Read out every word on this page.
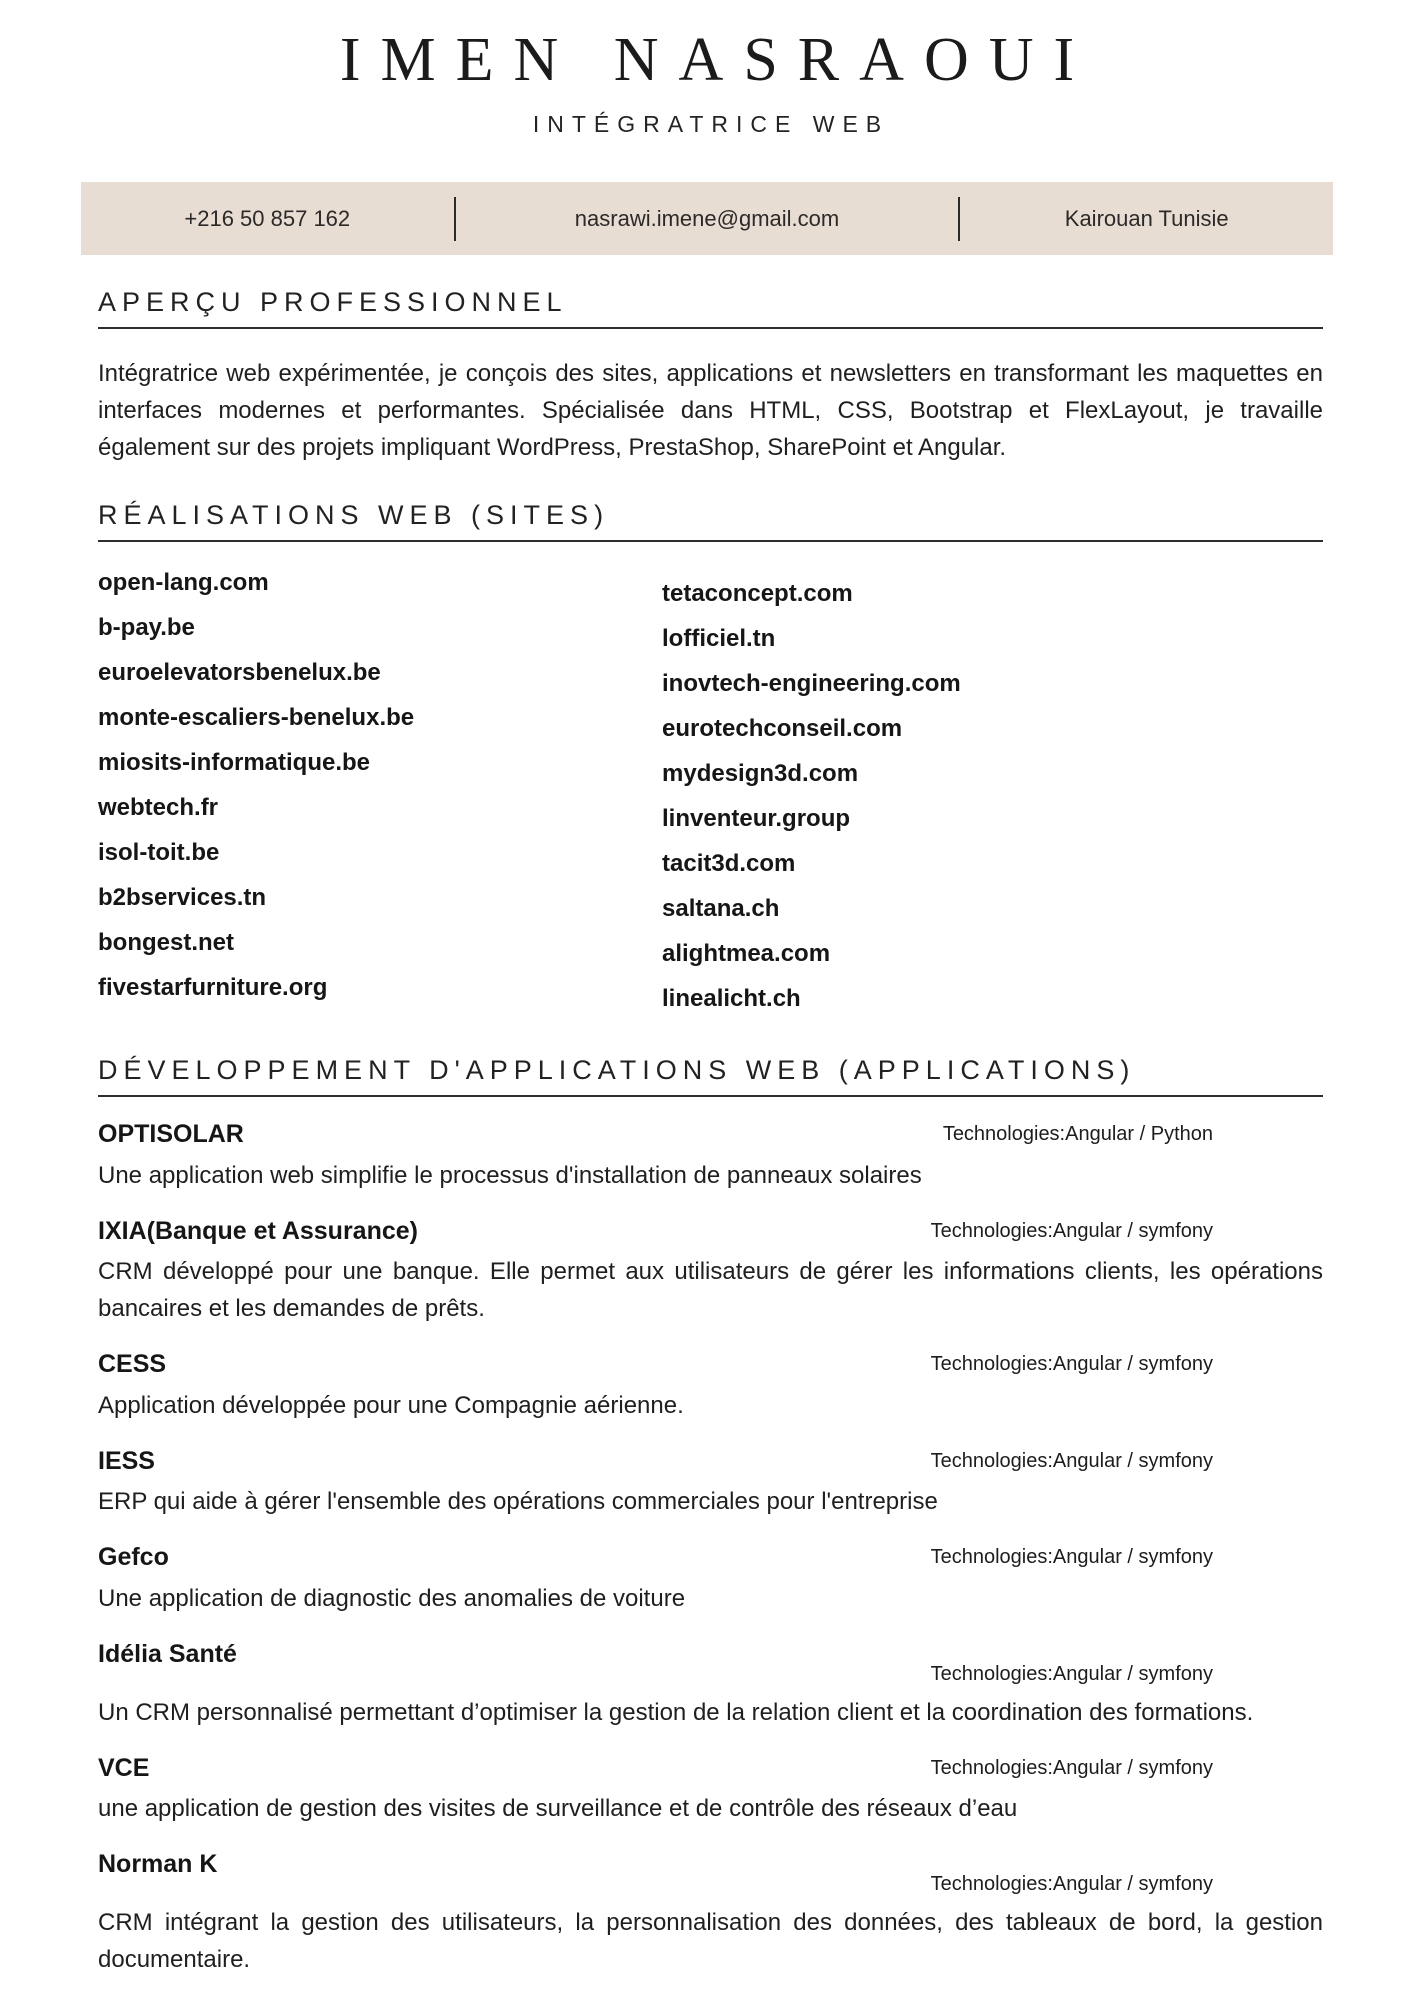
IMEN NASRAOUI
INTÉGRATRICE WEB
+216 50 857 162	nasrawi.imene@gmail.com	Kairouan Tunisie
APERÇU PROFESSIONNEL

Intégratrice web expérimentée, je conçois des sites, applications et newsletters en transformant les maquettes en interfaces modernes et performantes. Spécialisée dans HTML, CSS, Bootstrap et FlexLayout, je travaille également sur des projets impliquant WordPress, PrestaShop, SharePoint et Angular.

RÉALISATIONS WEB (SITES)
open-lang.com
b-pay.be
euroelevatorsbenelux.be
monte-escaliers-benelux.be
miosits-informatique.be
webtech.fr
isol-toit.be
b2bservices.tn
bongest.net
fivestarfurniture.org
tetaconcept.com
lofficiel.tn
inovtech-engineering.com
eurotechconseil.com
mydesign3d.com
linventeur.group
tacit3d.com
saltana.ch
alightmea.com
linealicht.ch
DÉVELOPPEMENT D'APPLICATIONS WEB (APPLICATIONS)
OPTISOLAR	Technologies:Angular / Python

Une application web simplifie le processus d'installation de panneaux solaires

IXIA(Banque et Assurance)	Technologies:Angular / symfony

CRM développé pour une banque. Elle permet aux utilisateurs de gérer les informations clients, les opérations bancaires et les demandes de prêts.

CESS	Technologies:Angular / symfony

Application développée pour une Compagnie aérienne.

IESS	Technologies:Angular / symfony

ERP qui aide à gérer l'ensemble des opérations commerciales pour l'entreprise

Gefco	Technologies:Angular / symfony

Une application de diagnostic des anomalies de voiture

Idélia Santé
Technologies:Angular / symfony

Un CRM personnalisé permettant d’optimiser la gestion de la relation client et la coordination des formations.

VCE	Technologies:Angular / symfony

une application de gestion des visites de surveillance et de contrôle des réseaux d’eau

Norman K
Technologies:Angular / symfony

CRM intégrant la gestion des utilisateurs, la personnalisation des données, des tableaux de bord, la gestion documentaire.
